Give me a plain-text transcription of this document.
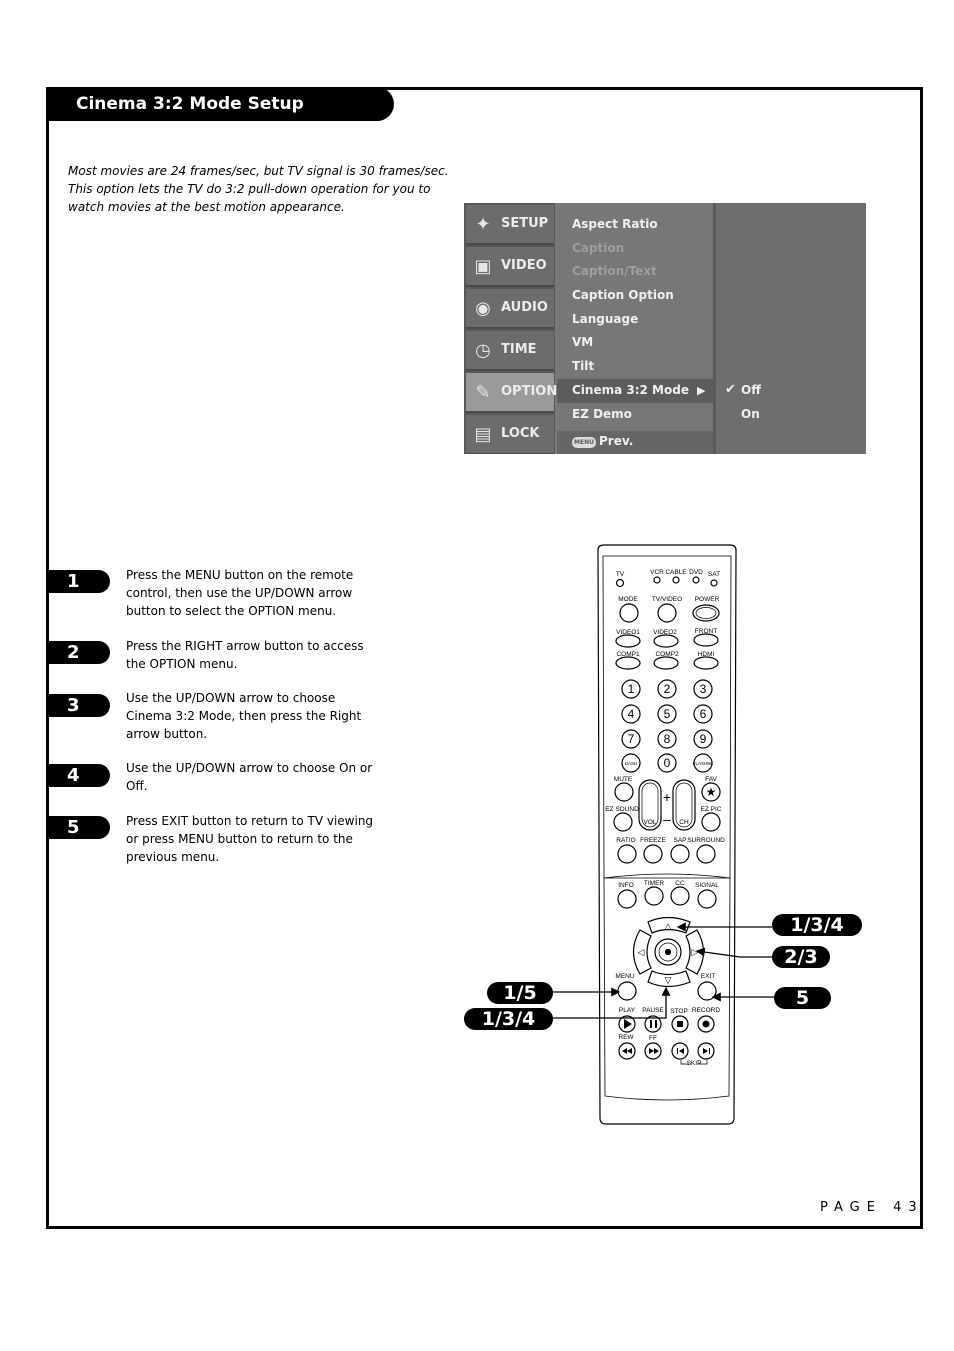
Cinema 3:2 Mode Setup
Most movies are 24 frames/sec, but TV signal is 30 frames/sec.
This option lets the TV do 3:2 pull-down operation for you to
watch movies at the best motion appearance.
✦ SETUP
▣ VIDEO
◉ AUDIO
◷ TIME
✎ OPTION
▤ LOCK
Aspect Ratio
Caption
Caption/Text
Caption Option
Language
VM
Tilt
Cinema 3:2 Mode ▶
EZ Demo
MENU Prev.
✔ Off
On
1	Press the MENU button on the remote
control, then use the UP/DOWN arrow
button to select the OPTION menu.
2	Press the RIGHT arrow button to access
the OPTION menu.
3	Use the UP/DOWN arrow to choose
Cinema 3:2 Mode, then press the Right
arrow button.
4	Use the UP/DOWN arrow to choose On or
Off.
5	Press EXIT button to return to TV viewing
or press MENU button to return to the
previous menu.
★
△
▽
◁	▷
+
–
TV	VCR CABLE DVD SAT
MODE TV/VIDEO POWER
VIDEO1 VIDEO2	FRONT
COMP1 COMP2	HDMI
MUTE	FAV
EZ SOUND	EZ PIC
VOL	CH
RATIO FREEZE SAP SURROUND
INFO TIMER CC SIGNAL
MENU	EXIT
PLAY PAUSE STOP RECORD
REW FF
SKIP
1 2 3
4 5 6
7 8 9
0
DASH	FLASHBK
1/3/4
2/3
5
1/5
1/3/4
PAGE 43
